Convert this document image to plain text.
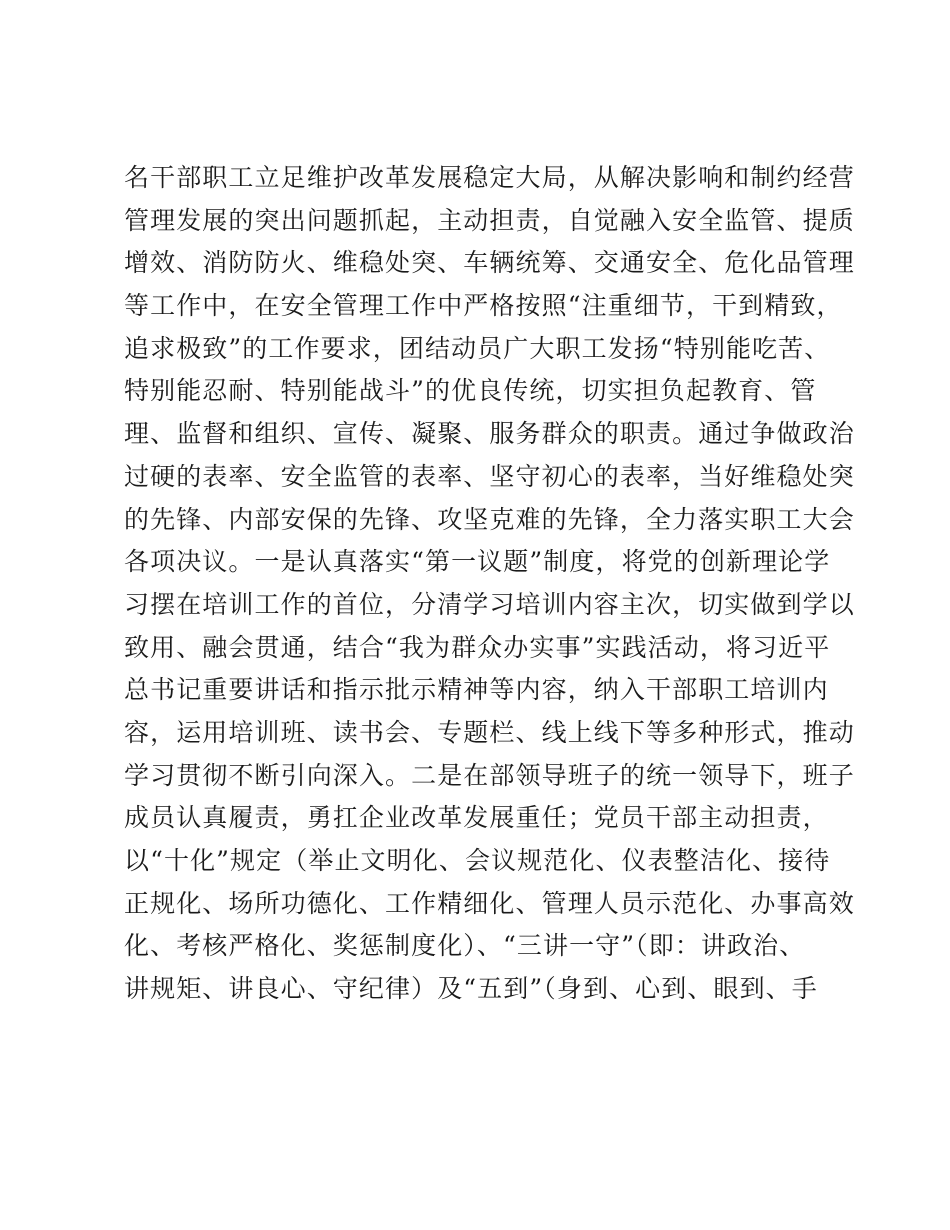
名干部职工立足维护改革发展稳定大局，从解决影响和制约经营
管理发展的突出问题抓起，主动担责，自觉融入安全监管、提质
增效、消防防火、维稳处突、车辆统筹、交通安全、危化品管理
等工作中，在安全管理工作中严格按照“注重细节，干到精致，
追求极致”的工作要求，团结动员广大职工发扬“特别能吃苦、
特别能忍耐、特别能战斗”的优良传统，切实担负起教育、管
理、监督和组织、宣传、凝聚、服务群众的职责。通过争做政治
过硬的表率、安全监管的表率、坚守初心的表率，当好维稳处突
的先锋、内部安保的先锋、攻坚克难的先锋，全力落实职工大会
各项决议。一是认真落实“第一议题”制度，将党的创新理论学
习摆在培训工作的首位，分清学习培训内容主次，切实做到学以
致用、融会贯通，结合“我为群众办实事”实践活动，将习近平
总书记重要讲话和指示批示精神等内容，纳入干部职工培训内
容，运用培训班、读书会、专题栏、线上线下等多种形式，推动
学习贯彻不断引向深入。二是在部领导班子的统一领导下，班子
成员认真履责，勇扛企业改革发展重任；党员干部主动担责，
以“十化”规定（举止文明化、会议规范化、仪表整洁化、接待
正规化、场所功德化、工作精细化、管理人员示范化、办事高效
化、考核严格化、奖惩制度化）、“三讲一守”（即：讲政治、
讲规矩、讲良心、守纪律）及“五到”（身到、心到、眼到、手
